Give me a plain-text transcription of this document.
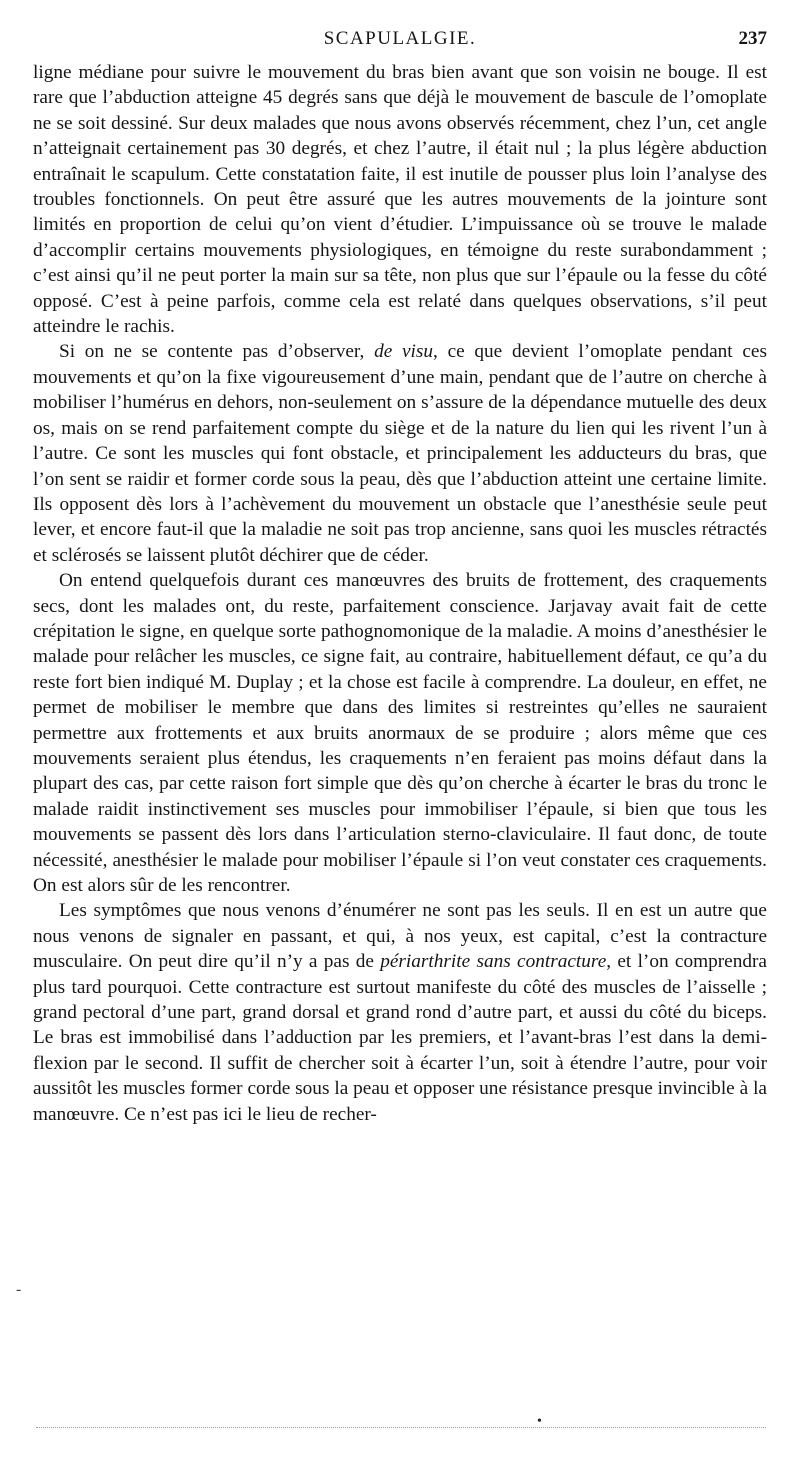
SCAPULALGIE.	237

ligne médiane pour suivre le mouvement du bras bien avant que son voisin ne bouge. Il est rare que l’abduction atteigne 45 degrés sans que déjà le mouvement de bascule de l’omoplate ne se soit dessiné. Sur deux malades que nous avons observés récemment, chez l’un, cet angle n’atteignait certainement pas 30 degrés, et chez l’autre, il était nul ; la plus légère abduction entraînait le scapulum. Cette constatation faite, il est inutile de pousser plus loin l’analyse des troubles fonctionnels. On peut être assuré que les autres mouvements de la jointure sont limités en proportion de celui qu’on vient d’étudier. L’impuissance où se trouve le malade d’accomplir certains mouvements physiologiques, en témoigne du reste surabondamment ; c’est ainsi qu’il ne peut porter la main sur sa tête, non plus que sur l’épaule ou la fesse du côté opposé. C’est à peine parfois, comme cela est relaté dans quelques observations, s’il peut atteindre le rachis.

Si on ne se contente pas d’observer, de visu, ce que devient l’omoplate pendant ces mouvements et qu’on la fixe vigoureusement d’une main, pendant que de l’autre on cherche à mobiliser l’humérus en dehors, non-seulement on s’assure de la dépendance mutuelle des deux os, mais on se rend parfaitement compte du siège et de la nature du lien qui les rivent l’un à l’autre. Ce sont les muscles qui font obstacle, et principalement les adducteurs du bras, que l’on sent se raidir et former corde sous la peau, dès que l’abduction atteint une certaine limite. Ils opposent dès lors à l’achèvement du mouvement un obstacle que l’anesthésie seule peut lever, et encore faut-il que la maladie ne soit pas trop ancienne, sans quoi les muscles rétractés et sclérosés se laissent plutôt déchirer que de céder.

On entend quelquefois durant ces manœuvres des bruits de frottement, des craquements secs, dont les malades ont, du reste, parfaitement conscience. Jarjavay avait fait de cette crépitation le signe, en quelque sorte pathognomonique de la maladie. A moins d’anesthésier le malade pour relâcher les muscles, ce signe fait, au contraire, habituellement défaut, ce qu’a du reste fort bien indiqué M. Duplay ; et la chose est facile à comprendre. La douleur, en effet, ne permet de mobiliser le membre que dans des limites si restreintes qu’elles ne sauraient permettre aux frottements et aux bruits anormaux de se produire ; alors même que ces mouvements seraient plus étendus, les craquements n’en feraient pas moins défaut dans la plupart des cas, par cette raison fort simple que dès qu’on cherche à écarter le bras du tronc le malade raidit instinctivement ses muscles pour immobiliser l’épaule, si bien que tous les mouvements se passent dès lors dans l’articulation sterno-claviculaire. Il faut donc, de toute nécessité, anesthésier le malade pour mobiliser l’épaule si l’on veut constater ces craquements. On est alors sûr de les rencontrer.

Les symptômes que nous venons d’énumérer ne sont pas les seuls. Il en est un autre que nous venons de signaler en passant, et qui, à nos yeux, est capital, c’est la contracture musculaire. On peut dire qu’il n’y a pas de périarthrite sans contracture, et l’on comprendra plus tard pourquoi. Cette contracture est surtout manifeste du côté des muscles de l’aisselle ; grand pectoral d’une part, grand dorsal et grand rond d’autre part, et aussi du côté du biceps. Le bras est immobilisé dans l’adduction par les premiers, et l’avant-bras l’est dans la demi-flexion par le second. Il suffit de chercher soit à écarter l’un, soit à étendre l’autre, pour voir aussitôt les muscles former corde sous la peau et opposer une résistance presque invincible à la manœuvre. Ce n’est pas ici le lieu de recher-

-
•
